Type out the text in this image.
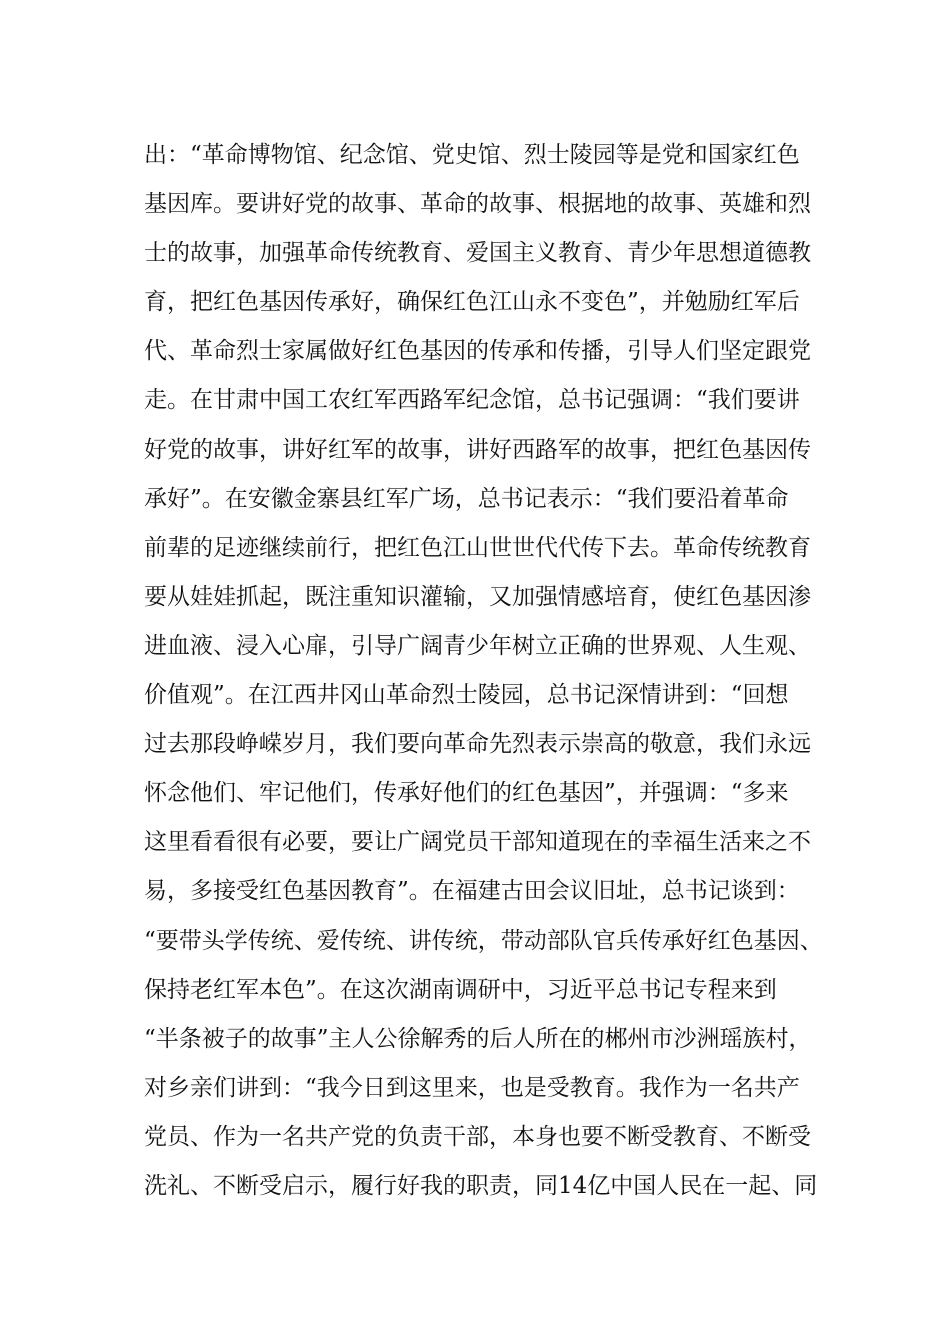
出：“革命博物馆、纪念馆、党史馆、烈士陵园等是党和国家红色
基因库。要讲好党的故事、革命的故事、根据地的故事、英雄和烈
士的故事，加强革命传统教育、爱国主义教育、青少年思想道德教
育，把红色基因传承好，确保红色江山永不变色”，并勉励红军后
代、革命烈士家属做好红色基因的传承和传播，引导人们坚定跟党
走。在甘肃中国工农红军西路军纪念馆，总书记强调：“我们要讲
好党的故事，讲好红军的故事，讲好西路军的故事，把红色基因传
承好”。在安徽金寨县红军广场，总书记表示：“我们要沿着革命
前辈的足迹继续前行，把红色江山世世代代传下去。革命传统教育
要从娃娃抓起，既注重知识灌输，又加强情感培育，使红色基因渗
进血液、浸入心扉，引导广阔青少年树立正确的世界观、人生观、
价值观”。在江西井冈山革命烈士陵园，总书记深情讲到：“回想
过去那段峥嵘岁月，我们要向革命先烈表示崇高的敬意，我们永远
怀念他们、牢记他们，传承好他们的红色基因”，并强调：“多来
这里看看很有必要，要让广阔党员干部知道现在的幸福生活来之不
易，多接受红色基因教育”。在福建古田会议旧址，总书记谈到：
“要带头学传统、爱传统、讲传统，带动部队官兵传承好红色基因、
保持老红军本色”。在这次湖南调研中，习近平总书记专程来到
“半条被子的故事”主人公徐解秀的后人所在的郴州市沙洲瑶族村，
对乡亲们讲到：“我今日到这里来，也是受教育。我作为一名共产
党员、作为一名共产党的负责干部，本身也要不断受教育、不断受
洗礼、不断受启示，履行好我的职责，同14亿中国人民在一起、同
